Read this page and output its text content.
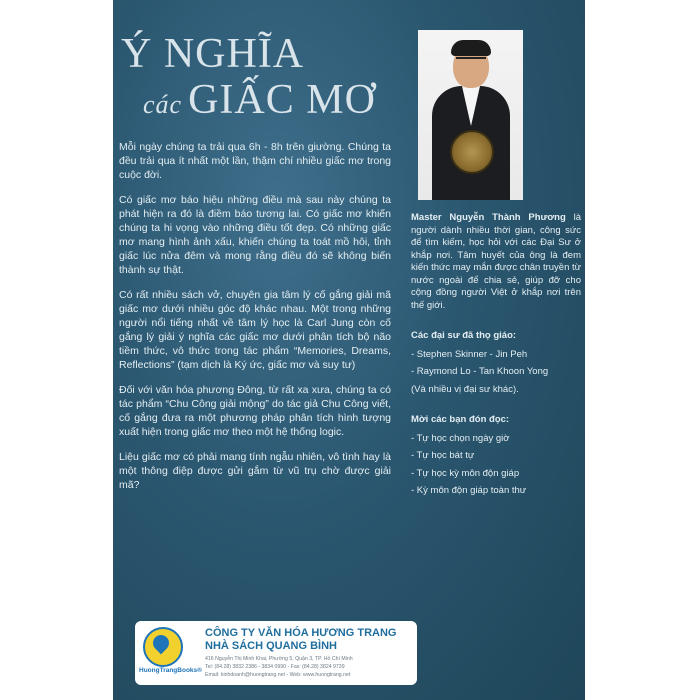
Ý NGHĨA
các GIẤC MƠ

Mỗi ngày chúng ta trải qua 6h - 8h trên giường. Chúng ta đều trải qua ít nhất một lần, thậm chí nhiều giấc mơ trong cuộc đời.

Có giấc mơ báo hiệu những điều mà sau này chúng ta phát hiện ra đó là điềm báo tương lai. Có giấc mơ khiến chúng ta hi vọng vào những điều tốt đẹp. Có những giấc mơ mang hình ảnh xấu, khiến chúng ta toát mồ hôi, tỉnh giấc lúc nửa đêm và mong rằng điều đó sẽ không biến thành sự thật.

Có rất nhiều sách vở, chuyên gia tâm lý cố gắng giải mã giấc mơ dưới nhiều góc độ khác nhau. Một trong những người nổi tiếng nhất về tâm lý học là Carl Jung còn cố gắng lý giải ý nghĩa các giấc mơ dưới phân tích bộ não tiềm thức, vô thức trong tác phẩm “Memories, Dreams, Reflections” (tạm dịch là Ký ức, giấc mơ và suy tư)

Đối với văn hóa phương Đông, từ rất xa xưa, chúng ta có tác phẩm “Chu Công giải mộng” do tác giả Chu Công viết, cố gắng đưa ra một phương pháp phân tích hình tượng xuất hiện trong giấc mơ theo một hệ thống logic.

Liệu giấc mơ có phải mang tính ngẫu nhiên, vô tình hay là một thông điệp được gửi gắm từ vũ trụ chờ được giải mã?

Master Nguyễn Thành Phương là người dành nhiều thời gian, công sức để tìm kiếm, học hỏi với các Đại Sư ở khắp nơi. Tâm huyết của ông là đem kiến thức may mắn được chân truyền từ nước ngoài để chia sẻ, giúp đỡ cho cộng đồng người Việt ở khắp nơi trên thế giới.

Các đại sư đã thọ giáo:
- Stephen Skinner - Jin Peh
- Raymond Lo - Tan Khoon Yong
(Và nhiều vị đại sư khác).
Mời các bạn đón đọc:
- Tự học chọn ngày giờ
- Tự học bát tự
- Tự học kỳ môn độn giáp
- Kỳ môn độn giáp toàn thư
HuongTrangBooks®
CÔNG TY VĂN HÓA HƯƠNG TRANG
NHÀ SÁCH QUANG BÌNH
416 Nguyễn Thị Minh Khai, Phường 5, Quận 3, TP. Hồ Chí Minh
Tel: (84.28) 3832 2386 - 3834 0990 - Fax: (84.28) 3824 9739
Email: kinhdoanh@huongtrang.net - Web: www.huongtrang.net
